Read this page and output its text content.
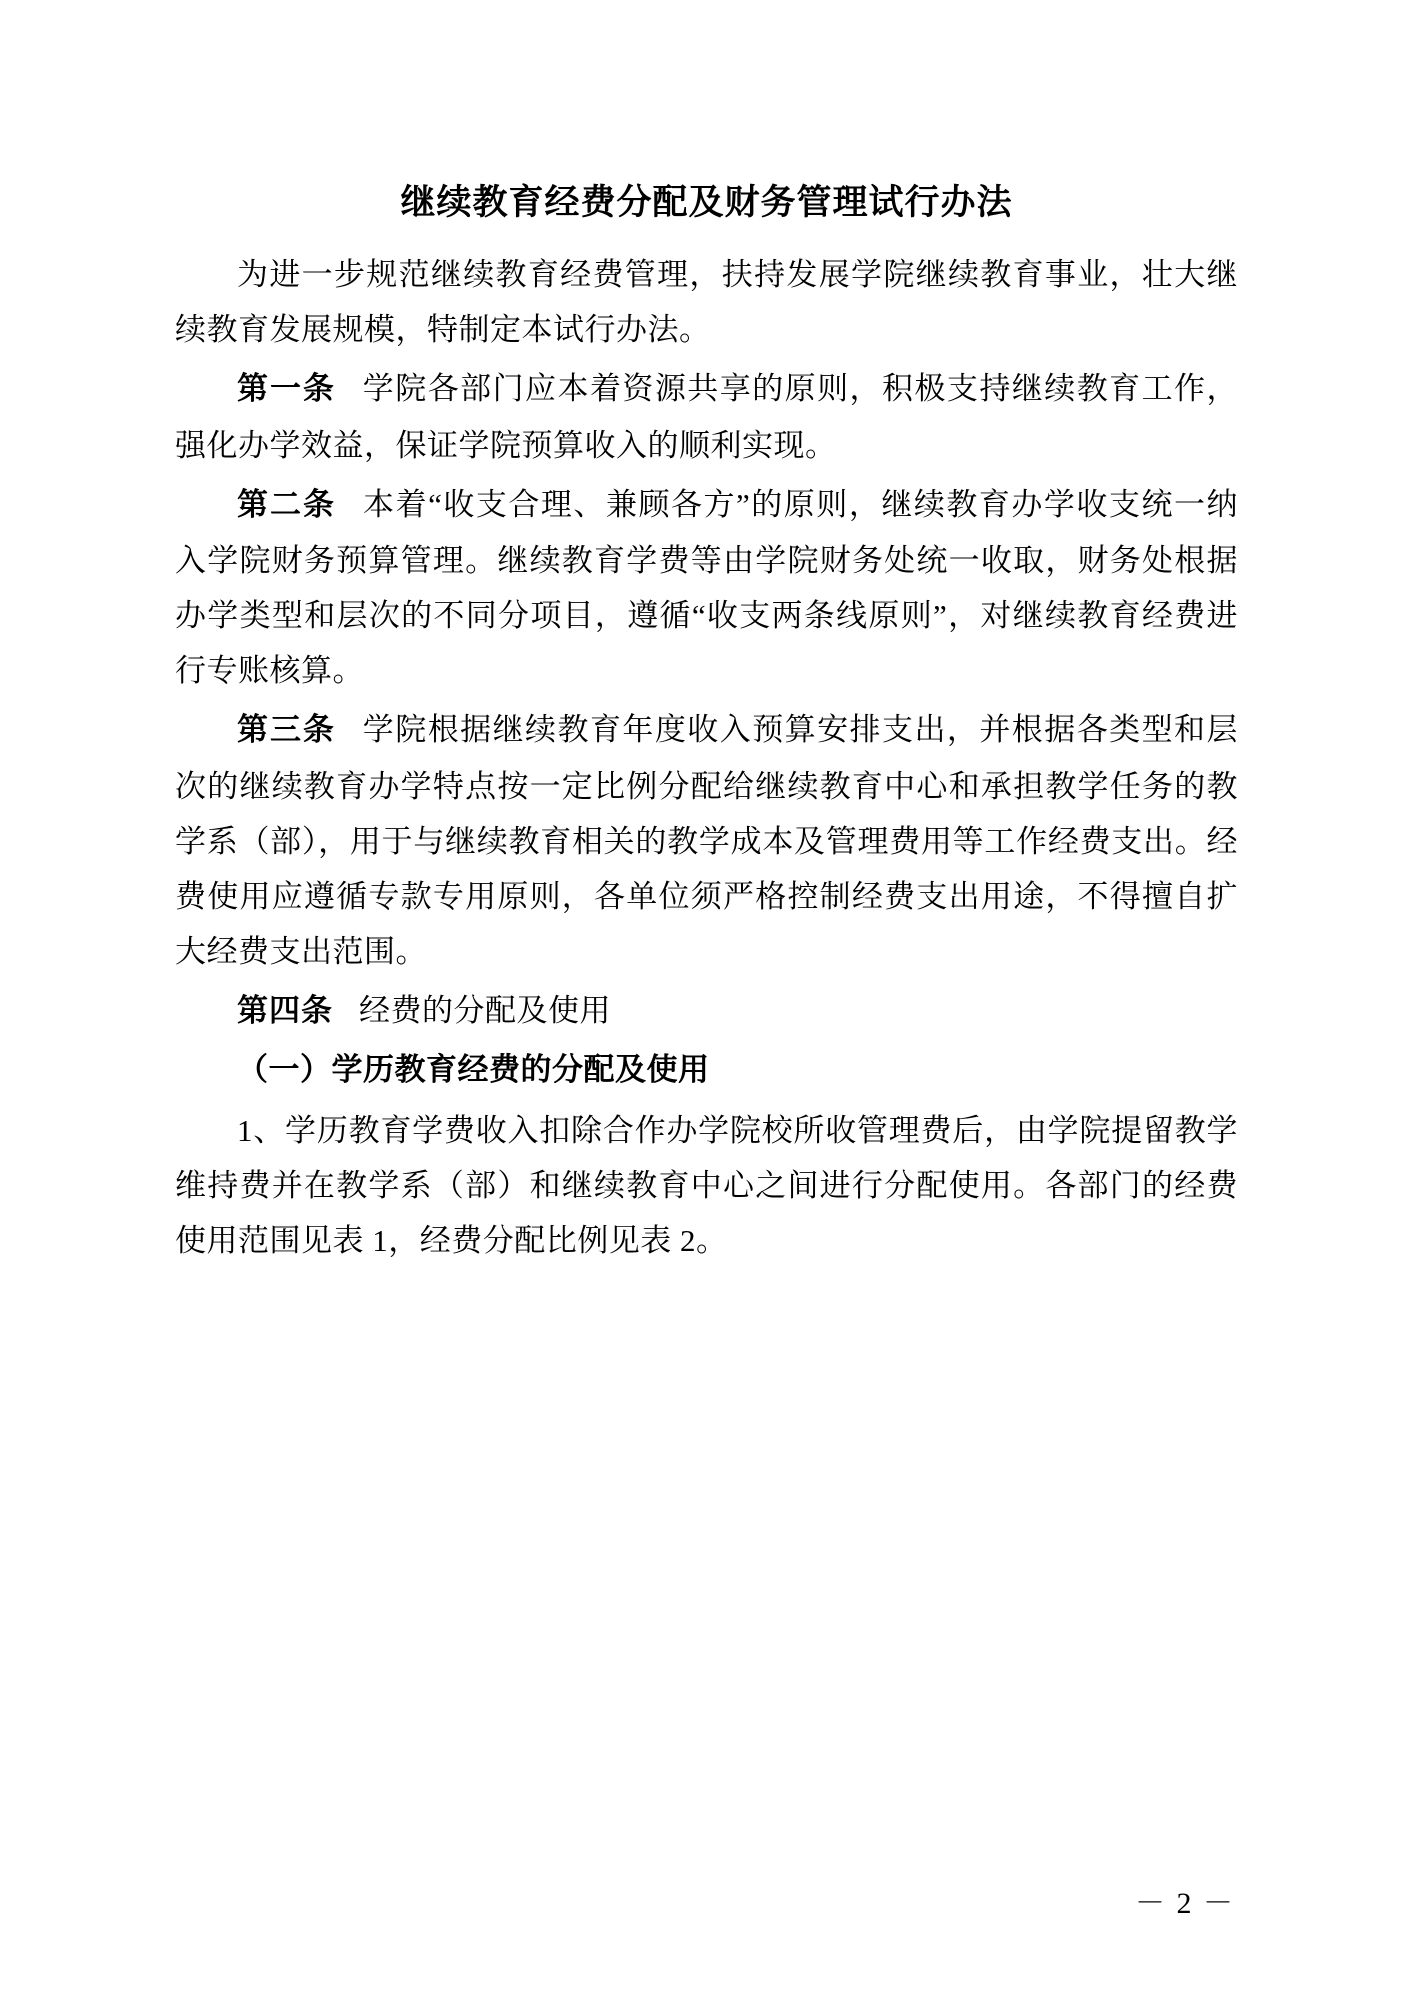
继续教育经费分配及财务管理试行办法

为进一步规范继续教育经费管理，扶持发展学院继续教育事业，壮大继续教育发展规模，特制定本试行办法。

第一条 学院各部门应本着资源共享的原则，积极支持继续教育工作，强化办学效益，保证学院预算收入的顺利实现。

第二条 本着“收支合理、兼顾各方”的原则，继续教育办学收支统一纳入学院财务预算管理。继续教育学费等由学院财务处统一收取，财务处根据办学类型和层次的不同分项目，遵循“收支两条线原则”，对继续教育经费进行专账核算。

第三条 学院根据继续教育年度收入预算安排支出，并根据各类型和层次的继续教育办学特点按一定比例分配给继续教育中心和承担教学任务的教学系（部），用于与继续教育相关的教学成本及管理费用等工作经费支出。经费使用应遵循专款专用原则，各单位须严格控制经费支出用途，不得擅自扩大经费支出范围。

第四条 经费的分配及使用

（一）学历教育经费的分配及使用

1、学历教育学费收入扣除合作办学院校所收管理费后，由学院提留教学维持费并在教学系（部）和继续教育中心之间进行分配使用。各部门的经费使用范围见表 1，经费分配比例见表 2。

－ 2 －
